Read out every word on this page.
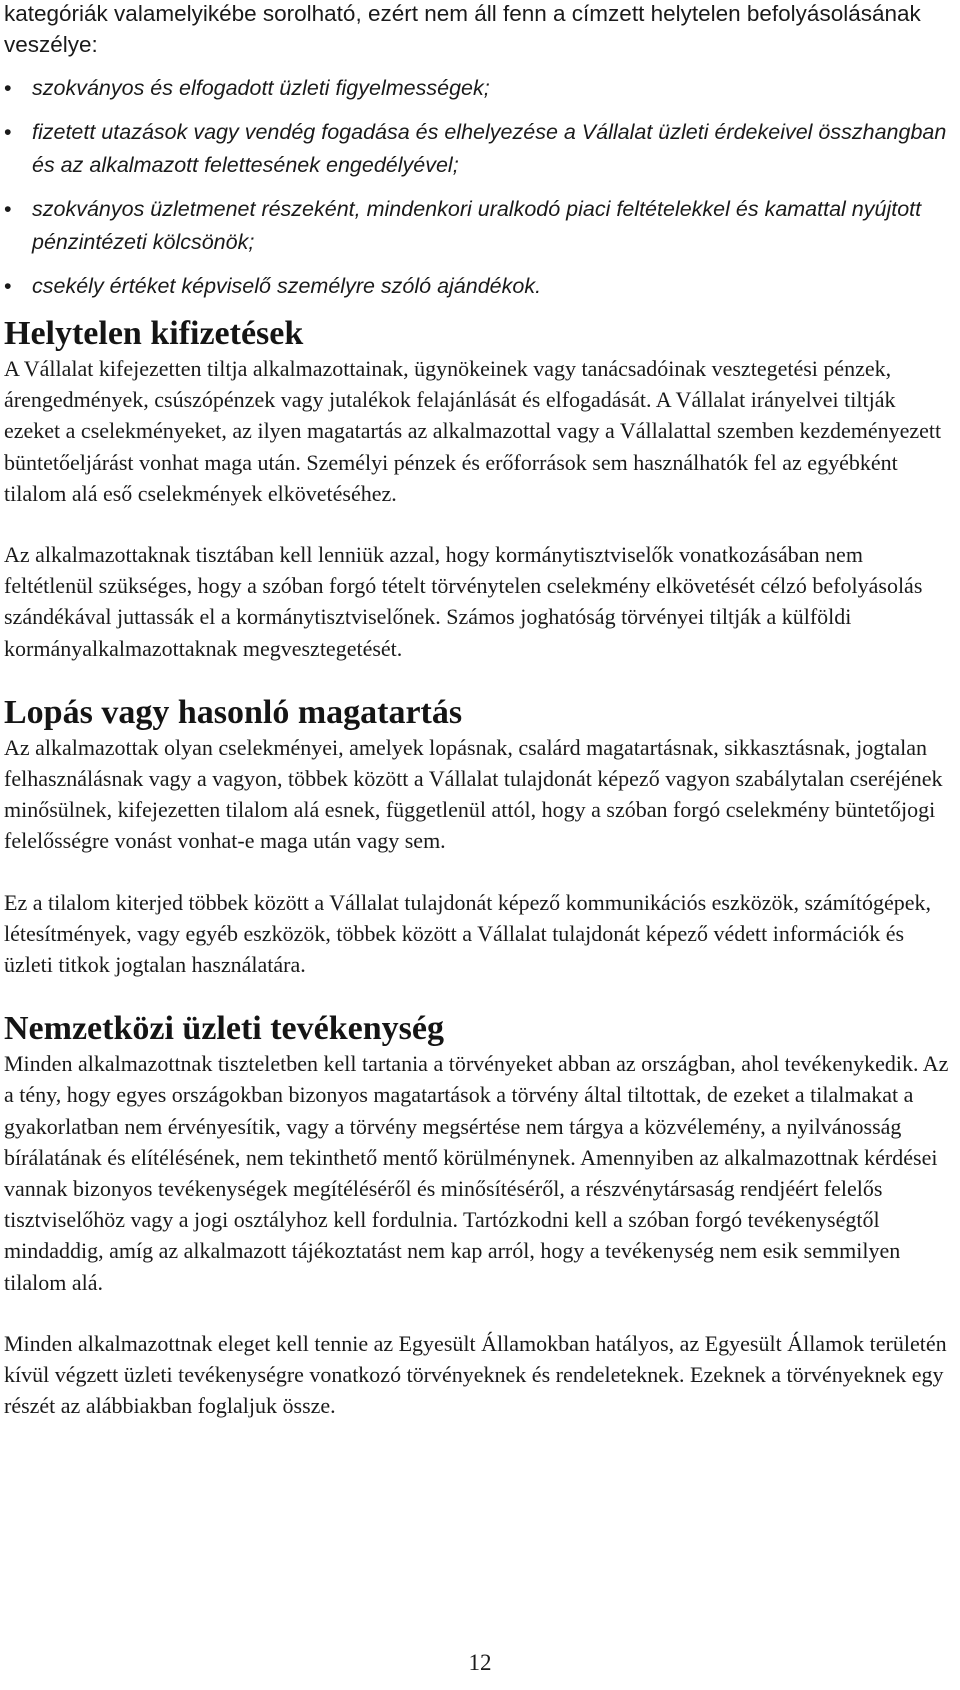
kategóriák valamelyikébe sorolható, ezért nem áll fenn a címzett helytelen befolyásolásának veszélye:

• szokványos és elfogadott üzleti figyelmességek;
• fizetett utazások vagy vendég fogadása és elhelyezése a Vállalat üzleti érdekeivel összhangban és az alkalmazott felettesének engedélyével;
• szokványos üzletmenet részeként, mindenkori uralkodó piaci feltételekkel és kamattal nyújtott pénzintézeti kölcsönök;
• csekély értéket képviselő személyre szóló ajándékok.
Helytelen kifizetések

A Vállalat kifejezetten tiltja alkalmazottainak, ügynökeinek vagy tanácsadóinak vesztegetési pénzek, árengedmények, csúszópénzek vagy jutalékok felajánlását és elfogadását. A Vállalat irányelvei tiltják ezeket a cselekményeket, az ilyen magatartás az alkalmazottal vagy a Vállalattal szemben kezdeményezett büntetőeljárást vonhat maga után. Személyi pénzek és erőforrások sem használhatók fel az egyébként tilalom alá eső cselekmények elkövetéséhez.

Az alkalmazottaknak tisztában kell lenniük azzal, hogy kormánytisztviselők vonatkozásában nem feltétlenül szükséges, hogy a szóban forgó tételt törvénytelen cselekmény elkövetését célzó befolyásolás szándékával juttassák el a kormánytisztviselőnek. Számos joghatóság törvényei tiltják a külföldi kormányalkalmazottaknak megvesztegetését.

Lopás vagy hasonló magatartás

Az alkalmazottak olyan cselekményei, amelyek lopásnak, csalárd magatartásnak, sikkasztásnak, jogtalan felhasználásnak vagy a vagyon, többek között a Vállalat tulajdonát képező vagyon szabálytalan cseréjének minősülnek, kifejezetten tilalom alá esnek, függetlenül attól, hogy a szóban forgó cselekmény büntetőjogi felelősségre vonást vonhat-e maga után vagy sem.

Ez a tilalom kiterjed többek között a Vállalat tulajdonát képező kommunikációs eszközök, számítógépek, létesítmények, vagy egyéb eszközök, többek között a Vállalat tulajdonát képező védett információk és üzleti titkok jogtalan használatára.

Nemzetközi üzleti tevékenység

Minden alkalmazottnak tiszteletben kell tartania a törvényeket abban az országban, ahol tevékenykedik. Az a tény, hogy egyes országokban bizonyos magatartások a törvény által tiltottak, de ezeket a tilalmakat a gyakorlatban nem érvényesítik, vagy a törvény megsértése nem tárgya a közvélemény, a nyilvánosság bírálatának és elítélésének, nem tekinthető mentő körülménynek. Amennyiben az alkalmazottnak kérdései vannak bizonyos tevékenységek megítéléséről és minősítéséről, a részvénytársaság rendjéért felelős tisztviselőhöz vagy a jogi osztályhoz kell fordulnia. Tartózkodni kell a szóban forgó tevékenységtől mindaddig, amíg az alkalmazott tájékoztatást nem kap arról, hogy a tevékenység nem esik semmilyen tilalom alá.

Minden alkalmazottnak eleget kell tennie az Egyesült Államokban hatályos, az Egyesült Államok területén kívül végzett üzleti tevékenységre vonatkozó törvényeknek és rendeleteknek. Ezeknek a törvényeknek egy részét az alábbiakban foglaljuk össze.

12
